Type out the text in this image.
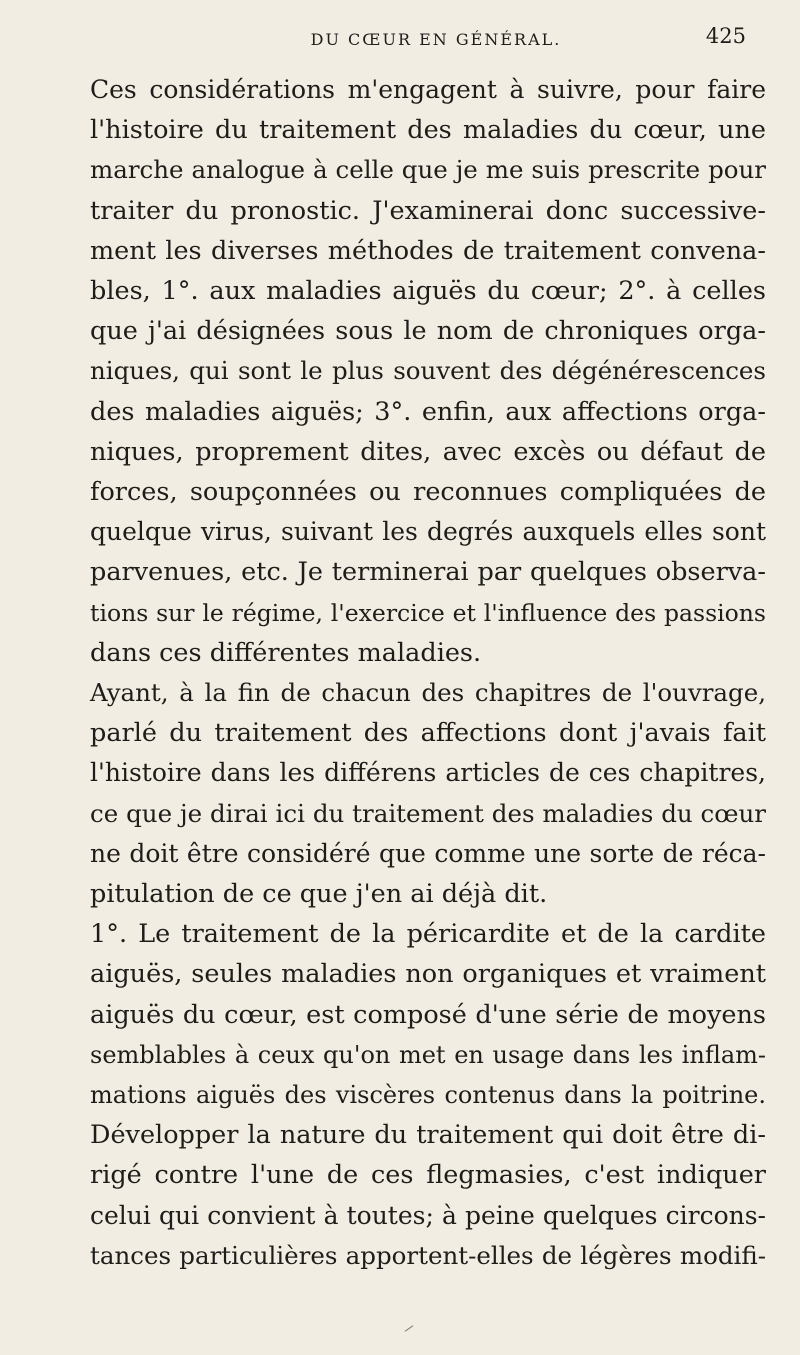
DU CŒUR EN GÉNÉRAL.	425

Ces considérations m'engagent à suivre, pour faire
l'histoire du traitement des maladies du cœur, une
marche analogue à celle que je me suis prescrite pour
traiter du pronostic. J'examinerai donc successive-
ment les diverses méthodes de traitement convena-
bles, 1°. aux maladies aiguës du cœur; 2°. à celles
que j'ai désignées sous le nom de chroniques orga-
niques, qui sont le plus souvent des dégénérescences
des maladies aiguës; 3°. enfin, aux affections orga-
niques, proprement dites, avec excès ou défaut de
forces, soupçonnées ou reconnues compliquées de
quelque virus, suivant les degrés auxquels elles sont
parvenues, etc. Je terminerai par quelques observa-
tions sur le régime, l'exercice et l'influence des passions
dans ces différentes maladies.

Ayant, à la fin de chacun des chapitres de l'ouvrage,
parlé du traitement des affections dont j'avais fait
l'histoire dans les différens articles de ces chapitres,
ce que je dirai ici du traitement des maladies du cœur
ne doit être considéré que comme une sorte de réca-
pitulation de ce que j'en ai déjà dit.

1°. Le traitement de la péricardite et de la cardite
aiguës, seules maladies non organiques et vraiment
aiguës du cœur, est composé d'une série de moyens
semblables à ceux qu'on met en usage dans les inflam-
mations aiguës des viscères contenus dans la poitrine.
Développer la nature du traitement qui doit être di-
rigé contre l'une de ces flegmasies, c'est indiquer
celui qui convient à toutes; à peine quelques circons-
tances particulières apportent-elles de légères modifi-
